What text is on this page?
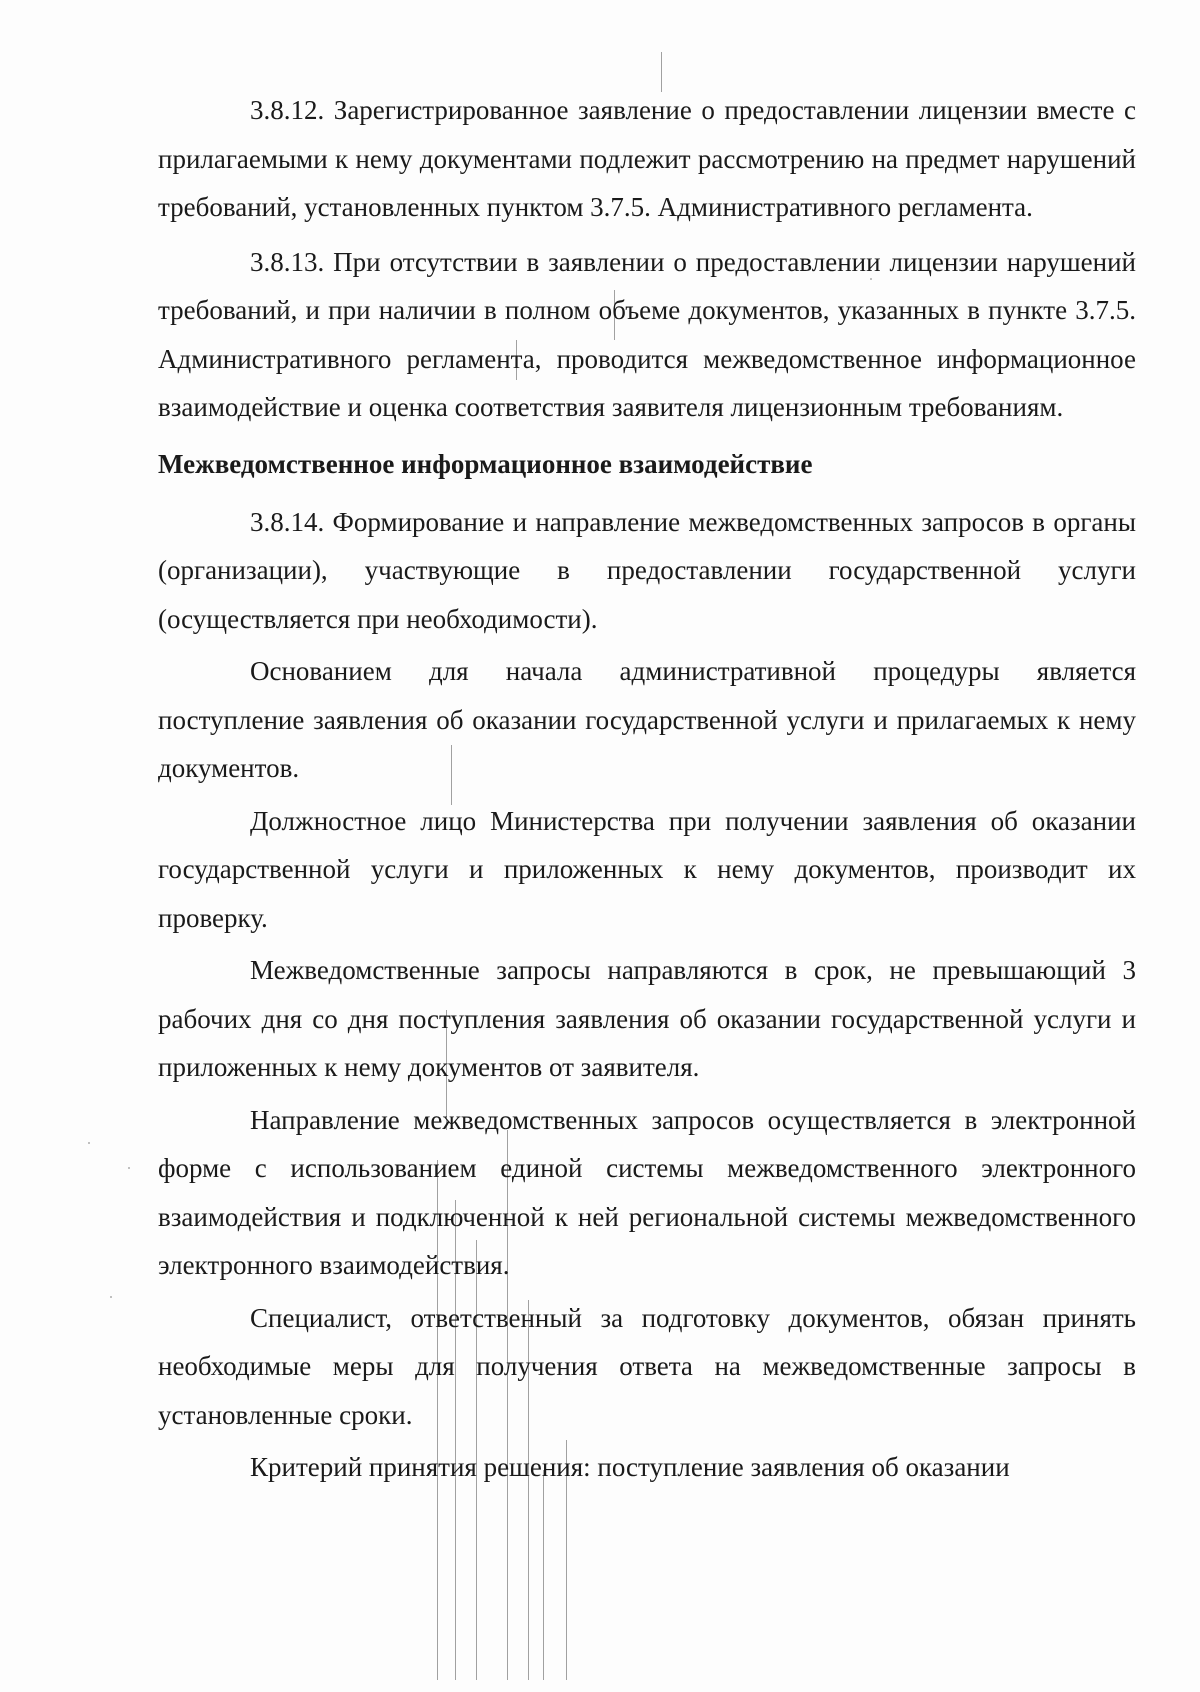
3.8.12. Зарегистрированное заявление о предоставлении лицензии вместе с прилагаемыми к нему документами подлежит рассмотрению на предмет нарушений требований, установленных пунктом 3.7.5. Административного регламента.

3.8.13. При отсутствии в заявлении о предоставлении лицензии нарушений требований, и при наличии в полном объеме документов, указанных в пункте 3.7.5. Административного регламента, проводится межведомственное информационное взаимодействие и оценка соответствия заявителя лицензионным требованиям.

Межведомственное информационное взаимодействие

3.8.14. Формирование и направление межведомственных запросов в органы (организации), участвующие в предоставлении государственной услуги (осуществляется при необходимости).

Основанием для начала административной процедуры является поступление заявления об оказании государственной услуги и прилагаемых к нему документов.

Должностное лицо Министерства при получении заявления об оказании государственной услуги и приложенных к нему документов, производит их проверку.

Межведомственные запросы направляются в срок, не превышающий 3 рабочих дня со дня поступления заявления об оказании государственной услуги и приложенных к нему документов от заявителя.

Направление межведомственных запросов осуществляется в электронной форме с использованием единой системы межведомственного электронного взаимодействия и подключенной к ней региональной системы межведомственного электронного взаимодействия.

Специалист, ответственный за подготовку документов, обязан принять необходимые меры для получения ответа на межведомственные запросы в установленные сроки.

Критерий принятия решения: поступление заявления об оказании
